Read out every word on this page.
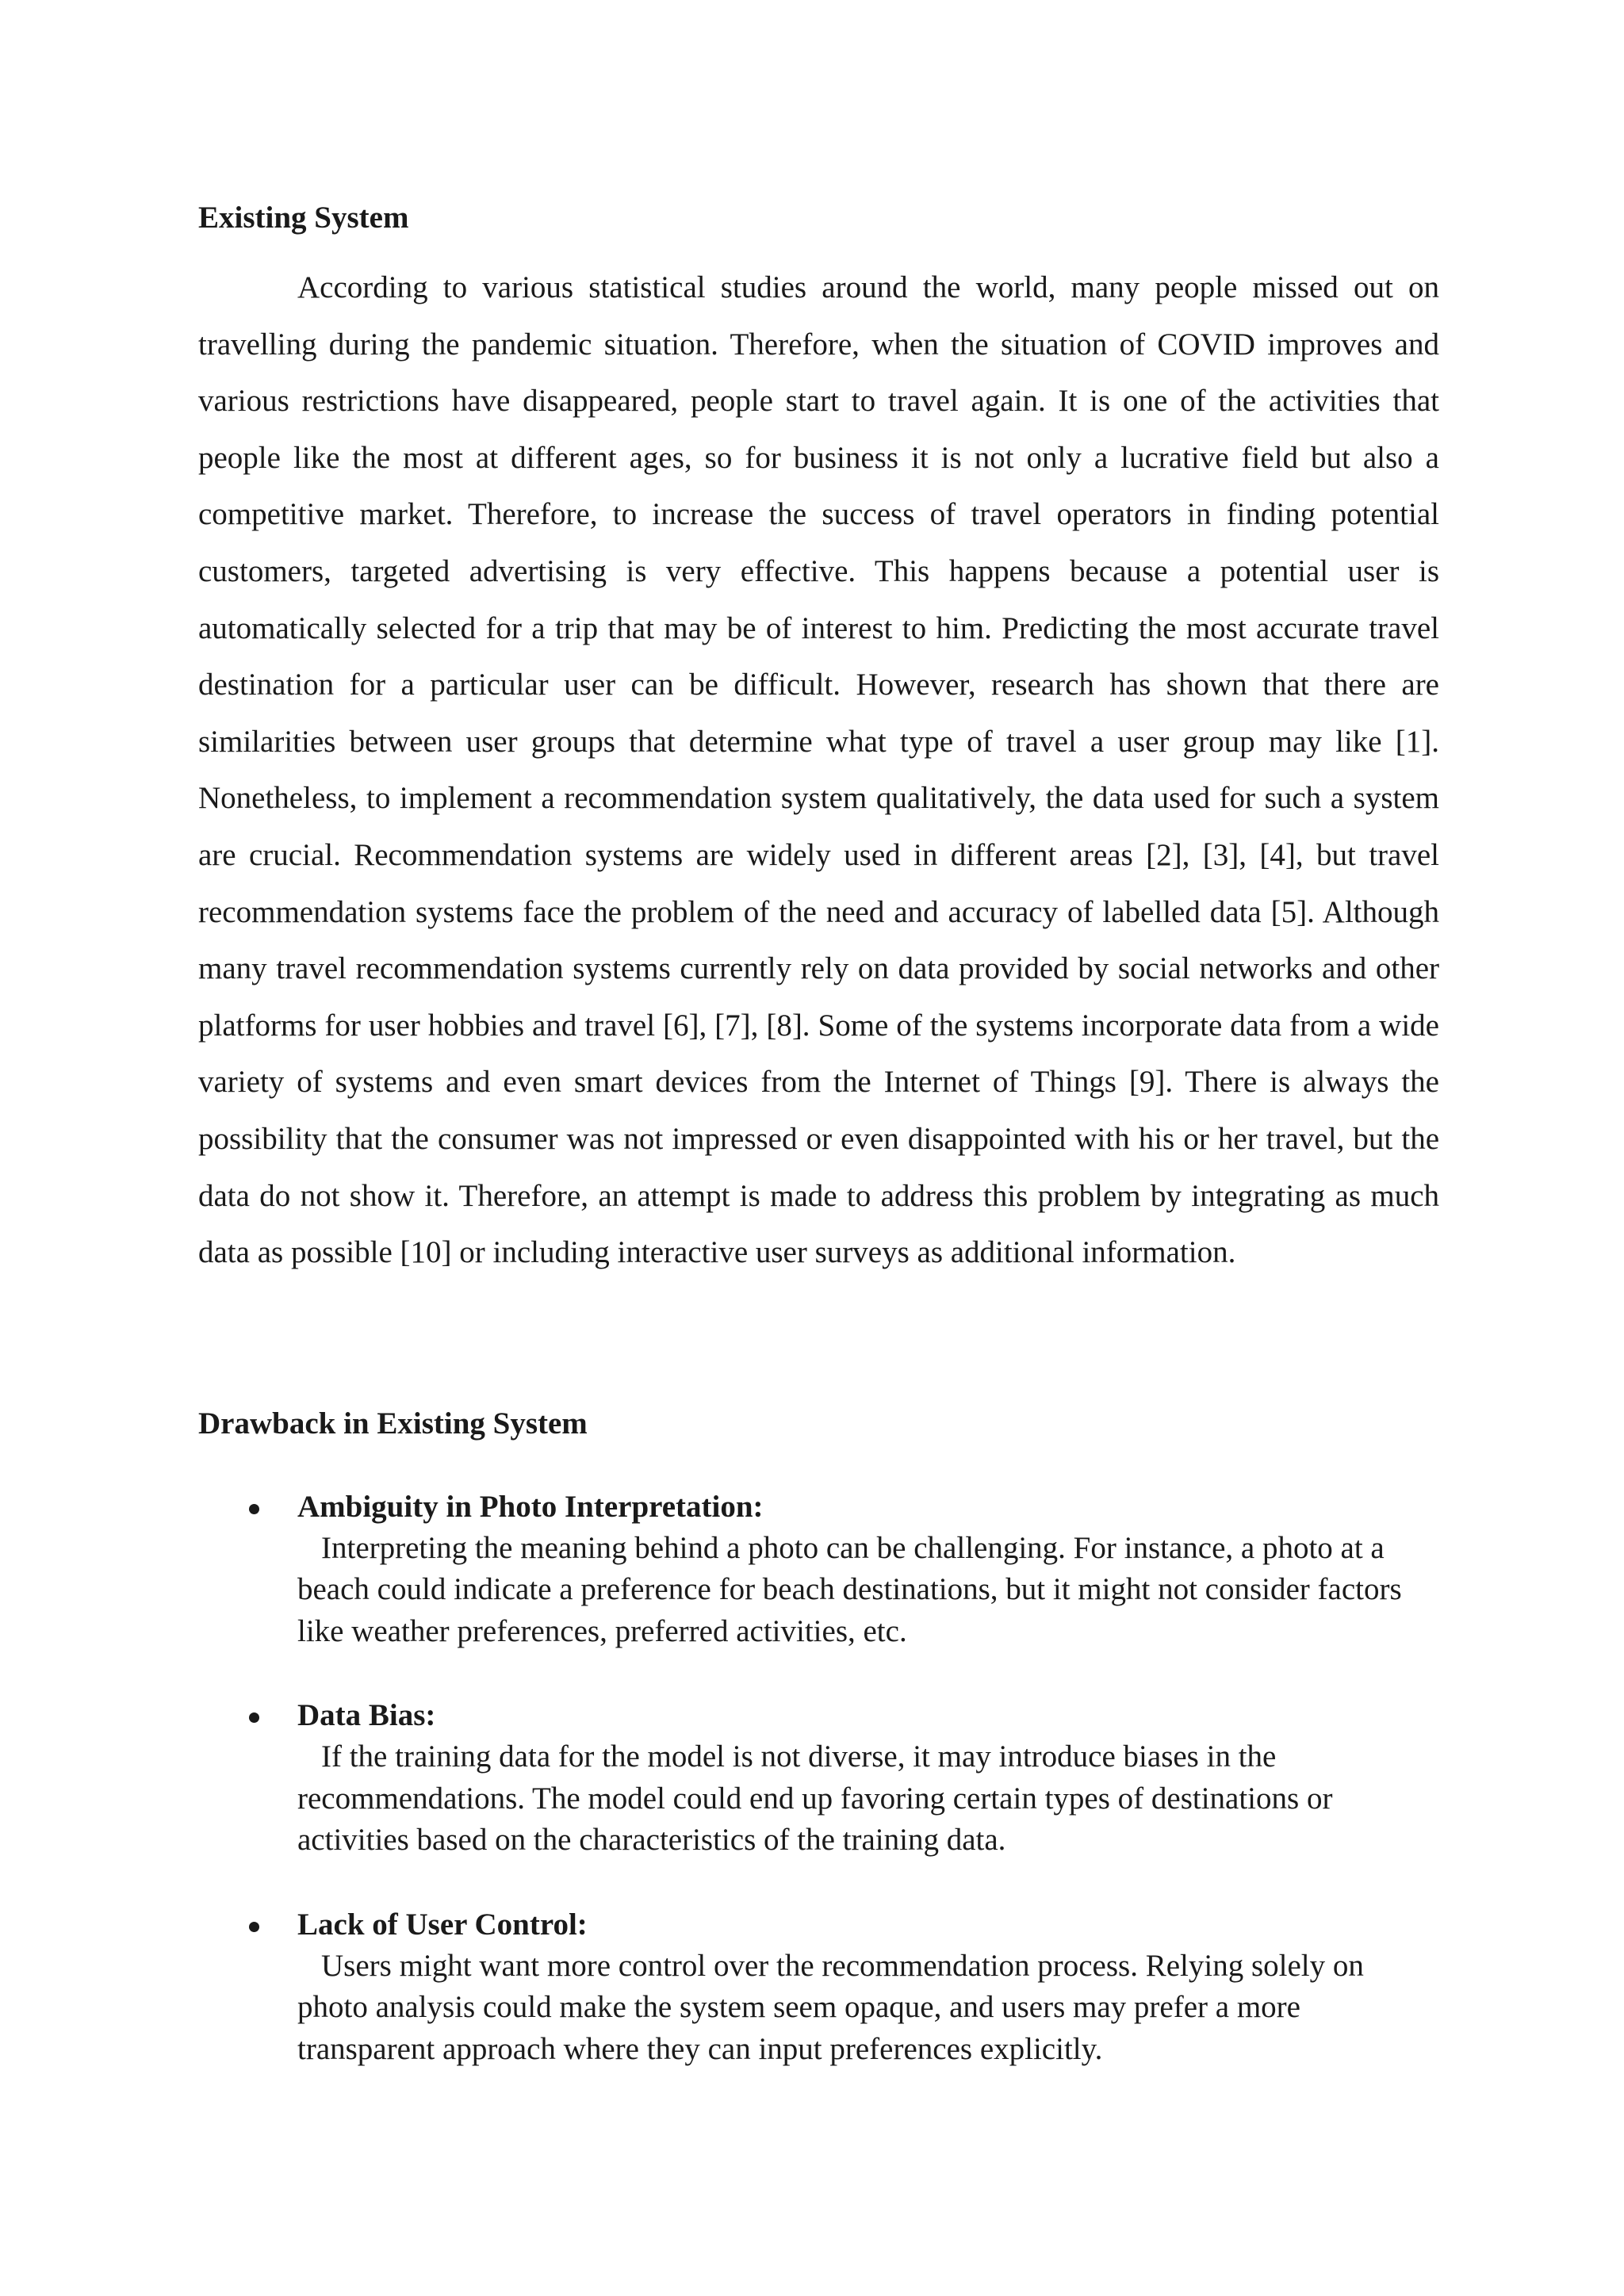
Existing System

According to various statistical studies around the world, many people missed out on travelling during the pandemic situation. Therefore, when the situation of COVID improves and various restrictions have disappeared, people start to travel again. It is one of the activities that people like the most at different ages, so for business it is not only a lucrative field but also a competitive market. Therefore, to increase the success of travel operators in finding potential customers, targeted advertising is very effective. This happens because a potential user is automatically selected for a trip that may be of interest to him. Predicting the most accurate travel destination for a particular user can be difficult. However, research has shown that there are similarities between user groups that determine what type of travel a user group may like [1]. Nonetheless, to implement a recommendation system qualitatively, the data used for such a system are crucial. Recommendation systems are widely used in different areas [2], [3], [4], but travel recommendation systems face the problem of the need and accuracy of labelled data [5]. Although many travel recommendation systems currently rely on data provided by social networks and other platforms for user hobbies and travel [6], [7], [8]. Some of the systems incorporate data from a wide variety of systems and even smart devices from the Internet of Things [9]. There is always the possibility that the consumer was not impressed or even disappointed with his or her travel, but the data do not show it. Therefore, an attempt is made to address this problem by integrating as much data as possible [10] or including interactive user surveys as additional information.

Drawback in Existing System
Ambiguity in Photo Interpretation:
Interpreting the meaning behind a photo can be challenging. For instance, a photo at a beach could indicate a preference for beach destinations, but it might not consider factors like weather preferences, preferred activities, etc.
Data Bias:
If the training data for the model is not diverse, it may introduce biases in the recommendations. The model could end up favoring certain types of destinations or activities based on the characteristics of the training data.
Lack of User Control:
Users might want more control over the recommendation process. Relying solely on photo analysis could make the system seem opaque, and users may prefer a more transparent approach where they can input preferences explicitly.
